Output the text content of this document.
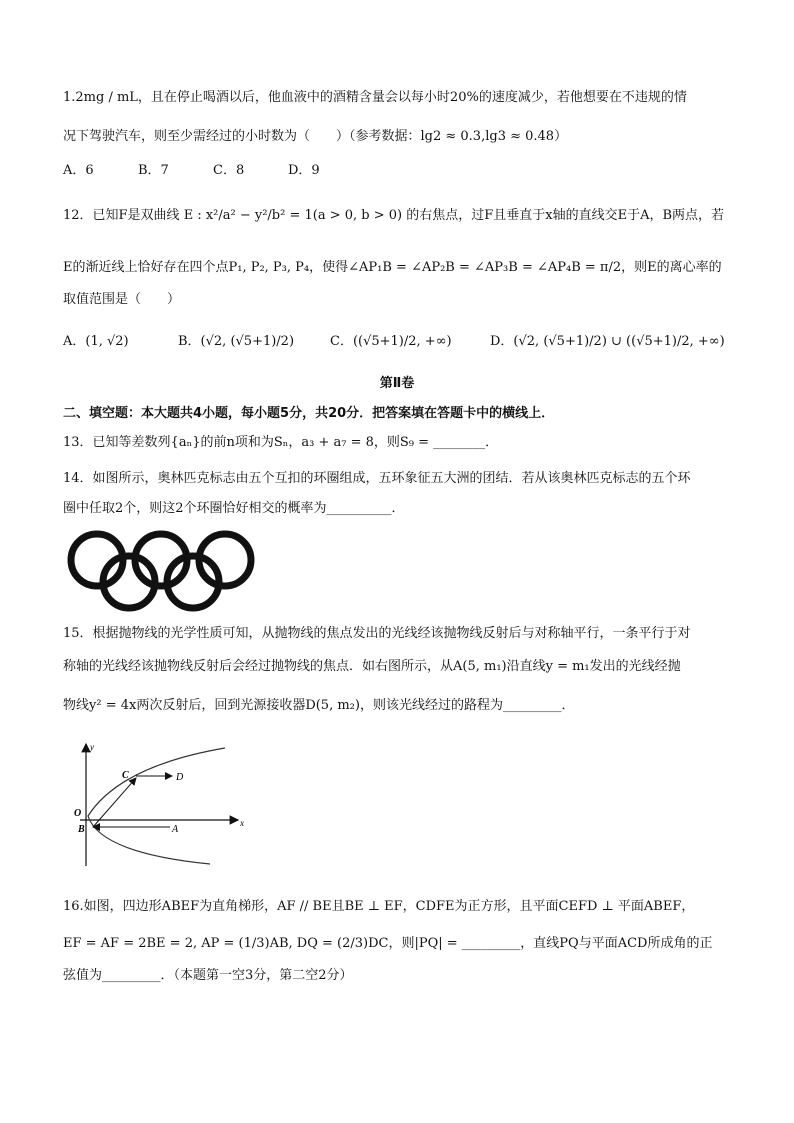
1.2mg / mL，且在停止喝酒以后，他血液中的酒精含量会以每小时20%的速度减少，若他想要在不违规的情
况下驾驶汽车，则至少需经过的小时数为（　　）（参考数据：lg2 ≈ 0.3,lg3 ≈ 0.48）
A．6	B．7	C．8	D．9
12．已知F是双曲线 E : x²/a² − y²/b² = 1(a > 0, b > 0) 的右焦点，过F且垂直于x轴的直线交E于A，B两点，若
E的渐近线上恰好存在四个点P₁, P₂, P₃, P₄，使得∠AP₁B = ∠AP₂B = ∠AP₃B = ∠AP₄B = π/2，则E的离心率的
取值范围是（　　）
A．(1, √2)	B．(√2, (√5+1)/2)	C．((√5+1)/2, +∞)	D．(√2, (√5+1)/2) ∪ ((√5+1)/2, +∞)
第Ⅱ卷
二、填空题：本大题共4小题，每小题5分，共20分．把答案填在答题卡中的横线上．
13．已知等差数列{aₙ}的前n项和为Sₙ，a₃ + a₇ = 8，则S₉ = ________．
14．如图所示，奥林匹克标志由五个互扣的环圈组成，五环象征五大洲的团结．若从该奥林匹克标志的五个环
圈中任取2个，则这2个环圈恰好相交的概率为__________．
15．根据抛物线的光学性质可知，从抛物线的焦点发出的光线经该抛物线反射后与对称轴平行，一条平行于对
称轴的光线经该抛物线反射后会经过抛物线的焦点．如右图所示，从A(5, m₁)沿直线y = m₁发出的光线经抛
物线y² = 4x两次反射后，回到光源接收器D(5, m₂)，则该光线经过的路程为_________．
y
x
O
B
C	D
A
16.如图，四边形ABEF为直角梯形，AF // BE且BE ⊥ EF，CDFE为正方形，且平面CEFD ⊥ 平面ABEF，
EF = AF = 2BE = 2, AP = (1/3)AB, DQ = (2/3)DC，则|PQ| = _________，直线PQ与平面ACD所成角的正
弦值为_________．（本题第一空3分，第二空2分）
